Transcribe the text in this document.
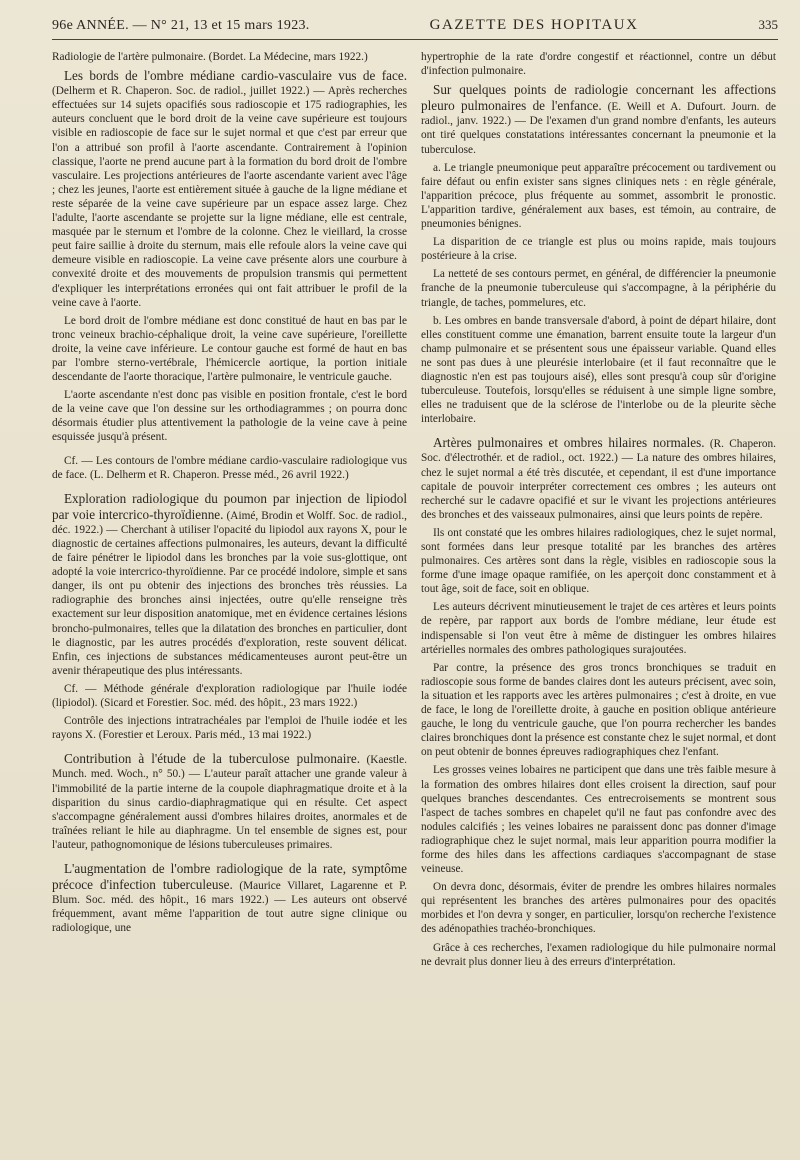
96e ANNÉE. — N° 21, 13 et 15 mars 1923.	GAZETTE DES HOPITAUX	335

Radiologie de l'artère pulmonaire. (Bordet. La Médecine, mars 1922.)

Les bords de l'ombre médiane cardio-vasculaire vus de face. (Delherm et R. Chaperon. Soc. de radiol., juillet 1922.) — Après recherches effectuées sur 14 sujets opacifiés sous radioscopie et 175 radiographies, les auteurs concluent que le bord droit de la veine cave supérieure est toujours visible en radioscopie de face sur le sujet normal et que c'est par erreur que l'on a attribué son profil à l'aorte ascendante. Contrairement à l'opinion classique, l'aorte ne prend aucune part à la formation du bord droit de l'ombre vasculaire. Les projections antérieures de l'aorte ascendante varient avec l'âge ; chez les jeunes, l'aorte est entièrement située à gauche de la ligne médiane et reste séparée de la veine cave supérieure par un espace assez large. Chez l'adulte, l'aorte ascendante se projette sur la ligne médiane, elle est centrale, masquée par le sternum et l'ombre de la colonne. Chez le vieillard, la crosse peut faire saillie à droite du sternum, mais elle refoule alors la veine cave qui demeure visible en radioscopie. La veine cave présente alors une courbure à convexité droite et des mouvements de propulsion transmis qui permettent d'expliquer les interprétations erronées qui ont fait attribuer le profil de la veine cave à l'aorte.

Le bord droit de l'ombre médiane est donc constitué de haut en bas par le tronc veineux brachio-céphalique droit, la veine cave supérieure, l'oreillette droite, la veine cave inférieure. Le contour gauche est formé de haut en bas par l'ombre sterno-vertébrale, l'hémicercle aortique, la portion initiale descendante de l'aorte thoracique, l'artère pulmonaire, le ventricule gauche.

L'aorte ascendante n'est donc pas visible en position frontale, c'est le bord de la veine cave que l'on dessine sur les orthodiagrammes ; on pourra donc désormais étudier plus attentivement la pathologie de la veine cave à peine esquissée jusqu'à présent.

Cf. — Les contours de l'ombre médiane cardio-vasculaire radiologique vus de face. (L. Delherm et R. Chaperon. Presse méd., 26 avril 1922.)

Exploration radiologique du poumon par injection de lipiodol par voie intercrico-thyroïdienne. (Aimé, Brodin et Wolff. Soc. de radiol., déc. 1922.) — Cherchant à utiliser l'opacité du lipiodol aux rayons X, pour le diagnostic de certaines affections pulmonaires, les auteurs, devant la difficulté de faire pénétrer le lipiodol dans les bronches par la voie sus-glottique, ont adopté la voie intercrico-thyroïdienne. Par ce procédé indolore, simple et sans danger, ils ont pu obtenir des injections des bronches très réussies. La radiographie des bronches ainsi injectées, outre qu'elle renseigne très exactement sur leur disposition anatomique, met en évidence certaines lésions broncho-pulmonaires, telles que la dilatation des bronches en particulier, dont le diagnostic, par les autres procédés d'exploration, reste souvent délicat. Enfin, ces injections de substances médicamenteuses auront peut-être un avenir thérapeutique des plus intéressants.

Cf. — Méthode générale d'exploration radiologique par l'huile iodée (lipiodol). (Sicard et Forestier. Soc. méd. des hôpit., 23 mars 1922.)

Contrôle des injections intratrachéales par l'emploi de l'huile iodée et les rayons X. (Forestier et Leroux. Paris méd., 13 mai 1922.)

Contribution à l'étude de la tuberculose pulmonaire. (Kaestle. Munch. med. Woch., n° 50.) — L'auteur paraît attacher une grande valeur à l'immobilité de la partie interne de la coupole diaphragmatique droite et à la disparition du sinus cardio-diaphragmatique qui en résulte. Cet aspect s'accompagne généralement aussi d'ombres hilaires droites, anormales et de traînées reliant le hile au diaphragme. Un tel ensemble de signes est, pour l'auteur, pathognomonique de lésions tuberculeuses primaires.

L'augmentation de l'ombre radiologique de la rate, symptôme précoce d'infection tuberculeuse. (Maurice Villaret, Lagarenne et P. Blum. Soc. méd. des hôpit., 16 mars 1922.) — Les auteurs ont observé fréquemment, avant même l'apparition de tout autre signe clinique ou radiologique, une

hypertrophie de la rate d'ordre congestif et réactionnel, contre un début d'infection pulmonaire.

Sur quelques points de radiologie concernant les affections pleuro pulmonaires de l'enfance. (E. Weill et A. Dufourt. Journ. de radiol., janv. 1922.) — De l'examen d'un grand nombre d'enfants, les auteurs ont tiré quelques constatations intéressantes concernant la pneumonie et la tuberculose.

a. Le triangle pneumonique peut apparaître précocement ou tardivement ou faire défaut ou enfin exister sans signes cliniques nets : en règle générale, l'apparition précoce, plus fréquente au sommet, assombrit le pronostic. L'apparition tardive, généralement aux bases, est témoin, au contraire, de pneumonies bénignes.

La disparition de ce triangle est plus ou moins rapide, mais toujours postérieure à la crise.

La netteté de ses contours permet, en général, de différencier la pneumonie franche de la pneumonie tuberculeuse qui s'accompagne, à la périphérie du triangle, de taches, pommelures, etc.

b. Les ombres en bande transversale d'abord, à point de départ hilaire, dont elles constituent comme une émanation, barrent ensuite toute la largeur d'un champ pulmonaire et se présentent sous une épaisseur variable. Quand elles ne sont pas dues à une pleurésie interlobaire (et il faut reconnaître que le diagnostic n'en est pas toujours aisé), elles sont presqu'à coup sûr d'origine tuberculeuse. Toutefois, lorsqu'elles se réduisent à une simple ligne sombre, elles ne traduisent que de la sclérose de l'interlobe ou de la pleurite sèche interlobaire.

Artères pulmonaires et ombres hilaires normales. (R. Chaperon. Soc. d'électrothér. et de radiol., oct. 1922.) — La nature des ombres hilaires, chez le sujet normal a été très discutée, et cependant, il est d'une importance capitale de pouvoir interpréter correctement ces ombres ; les auteurs ont recherché sur le cadavre opacifié et sur le vivant les projections antérieures des bronches et des vaisseaux pulmonaires, ainsi que leurs points de repère.

Ils ont constaté que les ombres hilaires radiologiques, chez le sujet normal, sont formées dans leur presque totalité par les branches des artères pulmonaires. Ces artères sont dans la règle, visibles en radioscopie sous la forme d'une image opaque ramifiée, on les aperçoit donc constamment et à tout âge, soit de face, soit en oblique.

Les auteurs décrivent minutieusement le trajet de ces artères et leurs points de repère, par rapport aux bords de l'ombre médiane, leur étude est indispensable si l'on veut être à même de distinguer les ombres hilaires artérielles normales des ombres pathologiques surajoutées.

Par contre, la présence des gros troncs bronchiques se traduit en radioscopie sous forme de bandes claires dont les auteurs précisent, avec soin, la situation et les rapports avec les artères pulmonaires ; c'est à droite, en vue de face, le long de l'oreillette droite, à gauche en position oblique antérieure gauche, le long du ventricule gauche, que l'on pourra rechercher les bandes claires bronchiques dont la présence est constante chez le sujet normal, et dont on peut obtenir de bonnes épreuves radiographiques chez l'enfant.

Les grosses veines lobaires ne participent que dans une très faible mesure à la formation des ombres hilaires dont elles croisent la direction, sauf pour quelques branches descendantes. Ces entrecroisements se montrent sous l'aspect de taches sombres en chapelet qu'il ne faut pas confondre avec des nodules calcifiés ; les veines lobaires ne paraissent donc pas donner d'image radiographique chez le sujet normal, mais leur apparition pourra modifier la forme des hiles dans les affections cardiaques s'accompagnant de stase veineuse.

On devra donc, désormais, éviter de prendre les ombres hilaires normales qui représentent les branches des artères pulmonaires pour des opacités morbides et l'on devra y songer, en particulier, lorsqu'on recherche l'existence des adénopathies trachéo-bronchiques.

Grâce à ces recherches, l'examen radiologique du hile pulmonaire normal ne devrait plus donner lieu à des erreurs d'interprétation.
